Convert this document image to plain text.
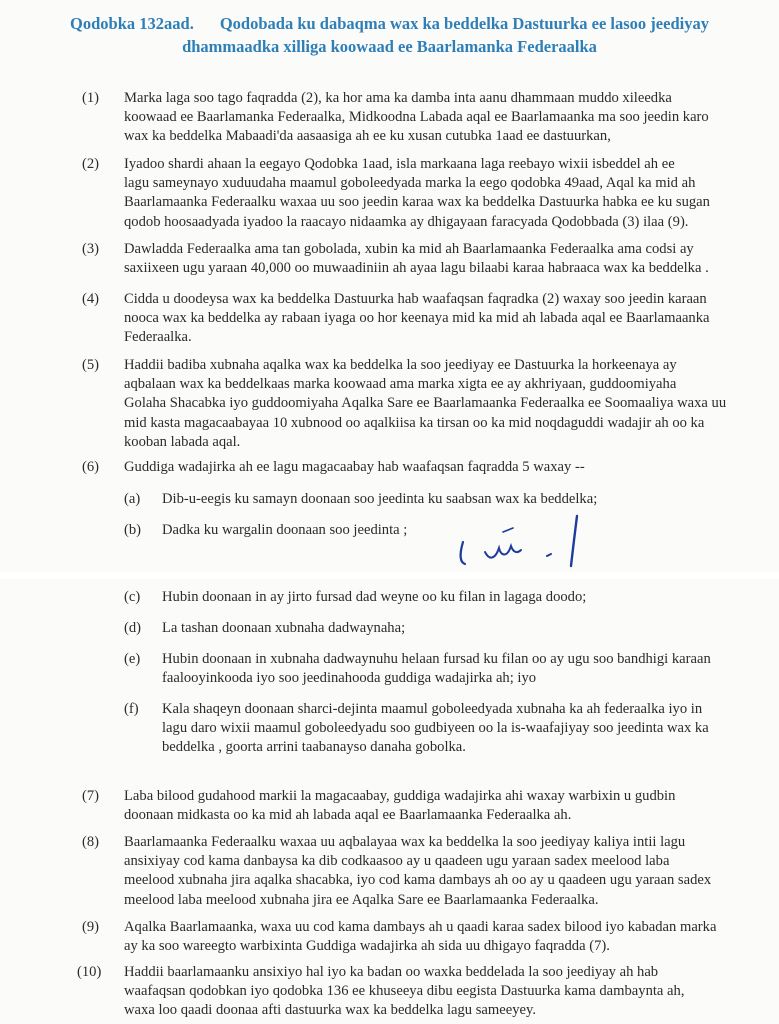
Qodobka 132aad. Qodobada ku dabaqma wax ka beddelka Dastuurka ee lasoo jeediyay
dhammaadka xilliga koowaad ee Baarlamanka Federaalka
(1) Marka laga soo tago faqradda (2), ka hor ama ka damba inta aanu dhammaan muddo xileedka

koowaad ee Baarlamanka Federaalka, Midkoodna Labada aqal ee Baarlamaanka ma soo jeedin karo

wax ka beddelka Mabaadi'da aasaasiga ah ee ku xusan cutubka 1aad ee dastuurkan,

(2) Iyadoo shardi ahaan la eegayo Qodobka 1aad, isla markaana laga reebayo wixii isbeddel ah ee

lagu sameynayo xuduudaha maamul goboleedyada marka la eego qodobka 49aad, Aqal ka mid ah

Baarlamaanka Federaalku waxaa uu soo jeedin karaa wax ka beddelka Dastuurka habka ee ku sugan

qodob hoosaadyada iyadoo la raacayo nidaamka ay dhigayaan faracyada Qodobbada (3) ilaa (9).

(3) Dawladda Federaalka ama tan gobolada, xubin ka mid ah Baarlamaanka Federaalka ama codsi ay

saxiixeen ugu yaraan 40,000 oo muwaadiniin ah ayaa lagu bilaabi karaa habraaca wax ka beddelka .

(4) Cidda u doodeysa wax ka beddelka Dastuurka hab waafaqsan faqradka (2) waxay soo jeedin karaan

nooca wax ka beddelka ay rabaan iyaga oo hor keenaya mid ka mid ah labada aqal ee Baarlamaanka

Federaalka.

(5) Haddii badiba xubnaha aqalka wax ka beddelka la soo jeediyay ee Dastuurka la horkeenaya ay

aqbalaan wax ka beddelkaas marka koowaad ama marka xigta ee ay akhriyaan, guddoomiyaha

Golaha Shacabka iyo guddoomiyaha Aqalka Sare ee Baarlamaanka Federaalka ee Soomaaliya waxa uu

mid kasta magacaabayaa 10 xubnood oo aqalkiisa ka tirsan oo ka mid noqdaguddi wadajir ah oo ka

kooban labada aqal.

(6) Guddiga wadajirka ah ee lagu magacaabay hab waafaqsan faqradda 5 waxay --

(a) Dib-u-eegis ku samayn doonaan soo jeedinta ku saabsan wax ka beddelka;

(b) Dadka ku wargalin doonaan soo jeedinta ;

(c) Hubin doonaan in ay jirto fursad dad weyne oo ku filan in lagaga doodo;

(d) La tashan doonaan xubnaha dadwaynaha;

(e) Hubin doonaan in xubnaha dadwaynuhu helaan fursad ku filan oo ay ugu soo bandhigi karaan

faalooyinkooda iyo soo jeedinahooda guddiga wadajirka ah; iyo

(f) Kala shaqeyn doonaan sharci-dejinta maamul goboleedyada xubnaha ka ah federaalka iyo in

lagu daro wixii maamul goboleedyadu soo gudbiyeen oo la is-waafajiyay soo jeedinta wax ka

beddelka , goorta arrini taabanayso danaha gobolka.

(7) Laba bilood gudahood markii la magacaabay, guddiga wadajirka ahi waxay warbixin u gudbin

doonaan midkasta oo ka mid ah labada aqal ee Baarlamaanka Federaalka ah.

(8) Baarlamaanka Federaalku waxaa uu aqbalayaa wax ka beddelka la soo jeediyay kaliya intii lagu

ansixiyay cod kama danbaysa ka dib codkaasoo ay u qaadeen ugu yaraan sadex meelood laba

meelood xubnaha jira aqalka shacabka, iyo cod kama dambays ah oo ay u qaadeen ugu yaraan sadex

meelood laba meelood xubnaha jira ee Aqalka Sare ee Baarlamaanka Federaalka.

(9) Aqalka Baarlamaanka, waxa uu cod kama dambays ah u qaadi karaa sadex bilood iyo kabadan marka

ay ka soo wareegto warbixinta Guddiga wadajirka ah sida uu dhigayo faqradda (7).

(10) Haddii baarlamaanku ansixiyo hal iyo ka badan oo waxka beddelada la soo jeediyay ah hab

waafaqsan qodobkan iyo qodobka 136 ee khuseeya dibu eegista Dastuurka kama dambaynta ah,

waxa loo qaadi doonaa afti dastuurka wax ka beddelka lagu sameeyey.
